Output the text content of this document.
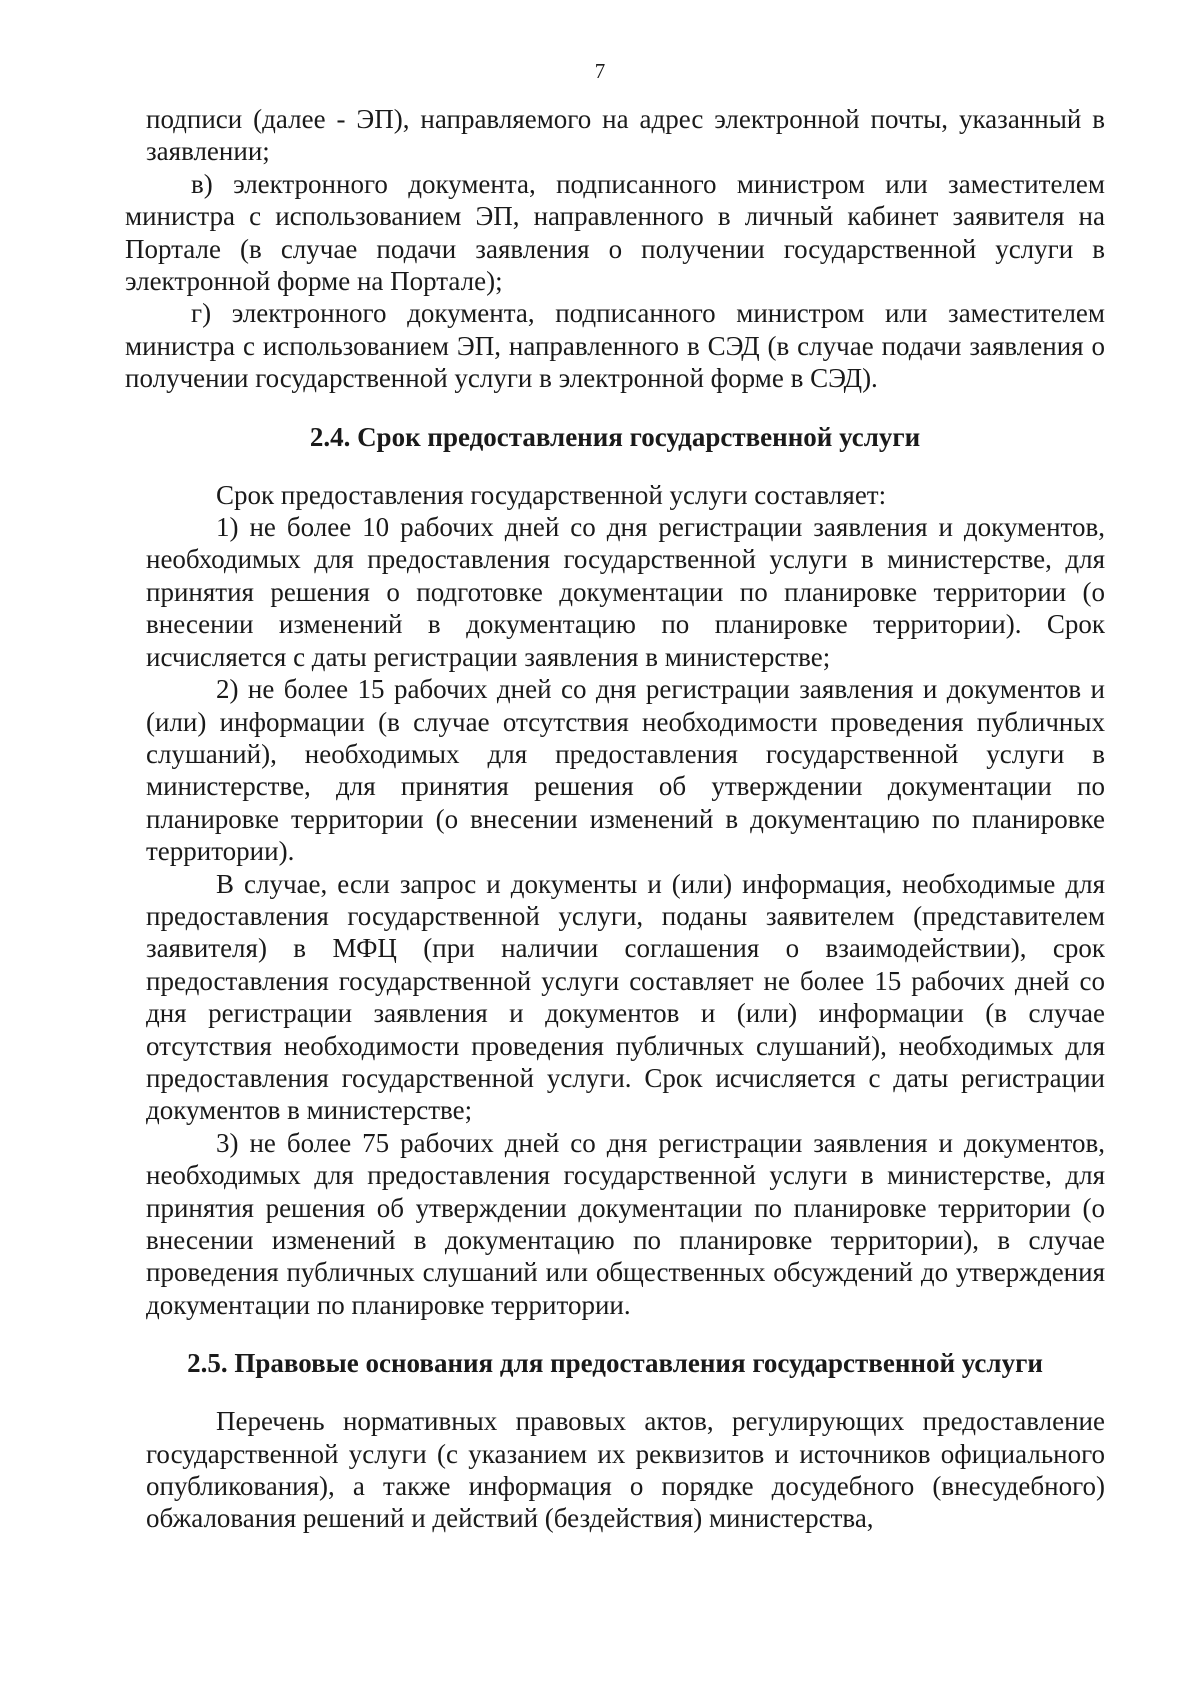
7

подписи (далее - ЭП), направляемого на адрес электронной почты, указанный в заявлении;

в) электронного документа, подписанного министром или заместителем министра с использованием ЭП, направленного в личный кабинет заявителя на Портале (в случае подачи заявления о получении государственной услуги в электронной форме на Портале);

г) электронного документа, подписанного министром или заместителем министра с использованием ЭП, направленного в СЭД (в случае подачи заявления о получении государственной услуги в электронной форме в СЭД).

2.4. Срок предоставления государственной услуги

Срок предоставления государственной услуги составляет:

1) не более 10 рабочих дней со дня регистрации заявления и документов, необходимых для предоставления государственной услуги в министерстве, для принятия решения о подготовке документации по планировке территории (о внесении изменений в документацию по планировке территории). Срок исчисляется с даты регистрации заявления в министерстве;

2) не более 15 рабочих дней со дня регистрации заявления и документов и (или) информации (в случае отсутствия необходимости проведения публичных слушаний), необходимых для предоставления государственной услуги в министерстве, для принятия решения об утверждении документации по планировке территории (о внесении изменений в документацию по планировке территории).

В случае, если запрос и документы и (или) информация, необходимые для предоставления государственной услуги, поданы заявителем (представителем заявителя) в МФЦ (при наличии соглашения о взаимодействии), срок предоставления государственной услуги составляет не более 15 рабочих дней со дня регистрации заявления и документов и (или) информации (в случае отсутствия необходимости проведения публичных слушаний), необходимых для предоставления государственной услуги. Срок исчисляется с даты регистрации документов в министерстве;

3) не более 75 рабочих дней со дня регистрации заявления и документов, необходимых для предоставления государственной услуги в министерстве, для принятия решения об утверждении документации по планировке территории (о внесении изменений в документацию по планировке территории), в случае проведения публичных слушаний или общественных обсуждений до утверждения документации по планировке территории.

2.5. Правовые основания для предоставления государственной услуги

Перечень нормативных правовых актов, регулирующих предоставление государственной услуги (с указанием их реквизитов и источников официального опубликования), а также информация о порядке досудебного (внесудебного) обжалования решений и действий (бездействия) министерства,
